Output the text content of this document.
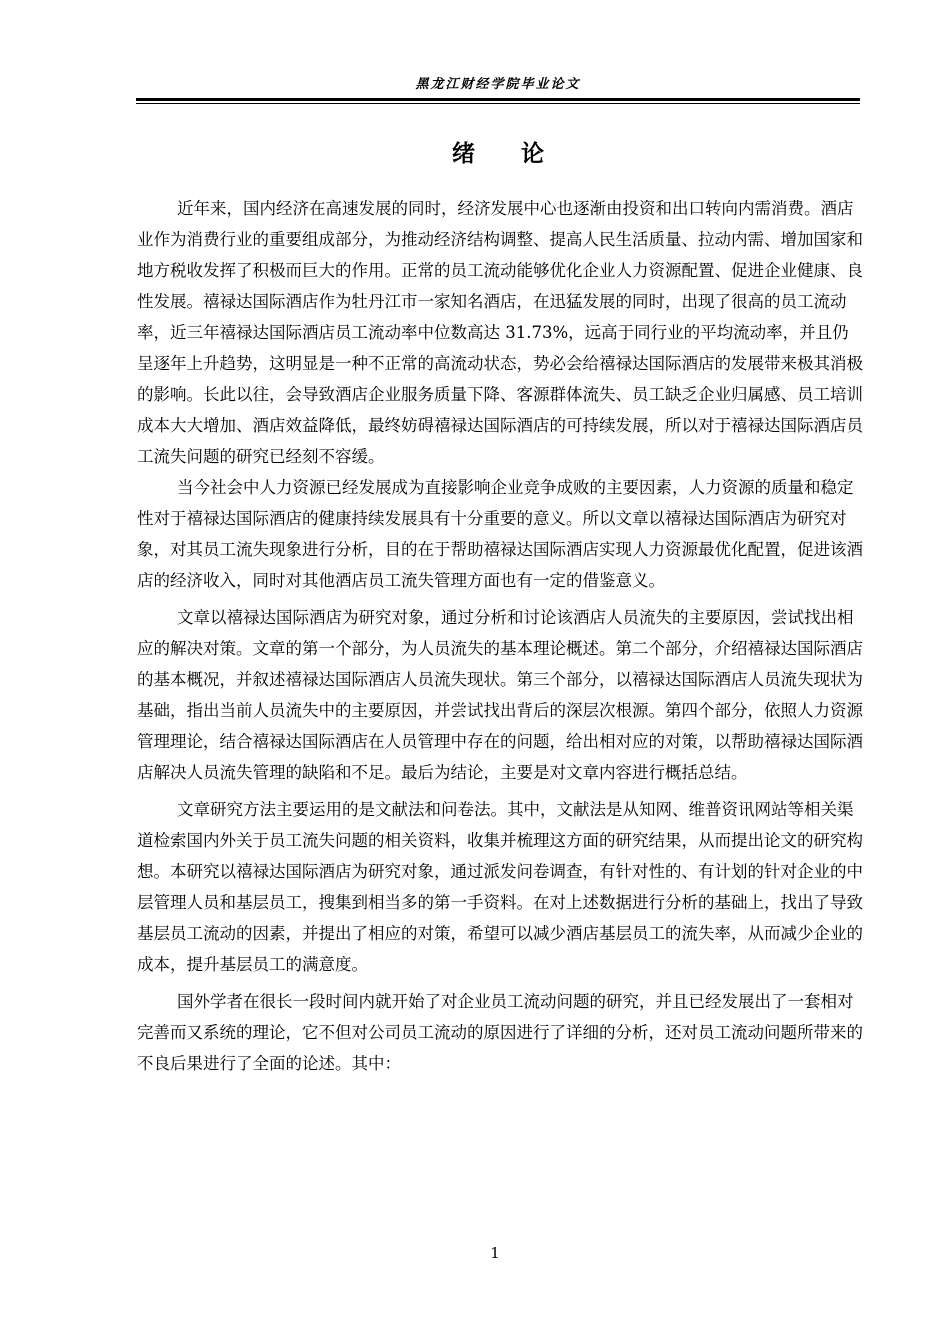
黑龙江财经学院毕业论文
绪论

近年来，国内经济在高速发展的同时，经济发展中心也逐渐由投资和出口转向内需消费。酒店业作为消费行业的重要组成部分，为推动经济结构调整、提高人民生活质量、拉动内需、增加国家和地方税收发挥了积极而巨大的作用。正常的员工流动能够优化企业人力资源配置、促进企业健康、良性发展。禧禄达国际酒店作为牡丹江市一家知名酒店，在迅猛发展的同时，出现了很高的员工流动率，近三年禧禄达国际酒店员工流动率中位数高达 31.73%，远高于同行业的平均流动率，并且仍呈逐年上升趋势，这明显是一种不正常的高流动状态，势必会给禧禄达国际酒店的发展带来极其消极的影响。长此以往，会导致酒店企业服务质量下降、客源群体流失、员工缺乏企业归属感、员工培训成本大大增加、酒店效益降低，最终妨碍禧禄达国际酒店的可持续发展，所以对于禧禄达国际酒店员工流失问题的研究已经刻不容缓。

当今社会中人力资源已经发展成为直接影响企业竞争成败的主要因素，人力资源的质量和稳定性对于禧禄达国际酒店的健康持续发展具有十分重要的意义。所以文章以禧禄达国际酒店为研究对象，对其员工流失现象进行分析，目的在于帮助禧禄达国际酒店实现人力资源最优化配置，促进该酒店的经济收入，同时对其他酒店员工流失管理方面也有一定的借鉴意义。

文章以禧禄达国际酒店为研究对象，通过分析和讨论该酒店人员流失的主要原因，尝试找出相应的解决对策。文章的第一个部分，为人员流失的基本理论概述。第二个部分，介绍禧禄达国际酒店的基本概况，并叙述禧禄达国际酒店人员流失现状。第三个部分，以禧禄达国际酒店人员流失现状为基础，指出当前人员流失中的主要原因，并尝试找出背后的深层次根源。第四个部分，依照人力资源管理理论，结合禧禄达国际酒店在人员管理中存在的问题，给出相对应的对策，以帮助禧禄达国际酒店解决人员流失管理的缺陷和不足。最后为结论，主要是对文章内容进行概括总结。

文章研究方法主要运用的是文献法和问卷法。其中，文献法是从知网、维普资讯网站等相关渠道检索国内外关于员工流失问题的相关资料，收集并梳理这方面的研究结果，从而提出论文的研究构想。本研究以禧禄达国际酒店为研究对象，通过派发问卷调查，有针对性的、有计划的针对企业的中层管理人员和基层员工，搜集到相当多的第一手资料。在对上述数据进行分析的基础上，找出了导致基层员工流动的因素，并提出了相应的对策，希望可以减少酒店基层员工的流失率，从而减少企业的成本，提升基层员工的满意度。

国外学者在很长一段时间内就开始了对企业员工流动问题的研究，并且已经发展出了一套相对完善而又系统的理论，它不但对公司员工流动的原因进行了详细的分析，还对员工流动问题所带来的不良后果进行了全面的论述。其中：

1
